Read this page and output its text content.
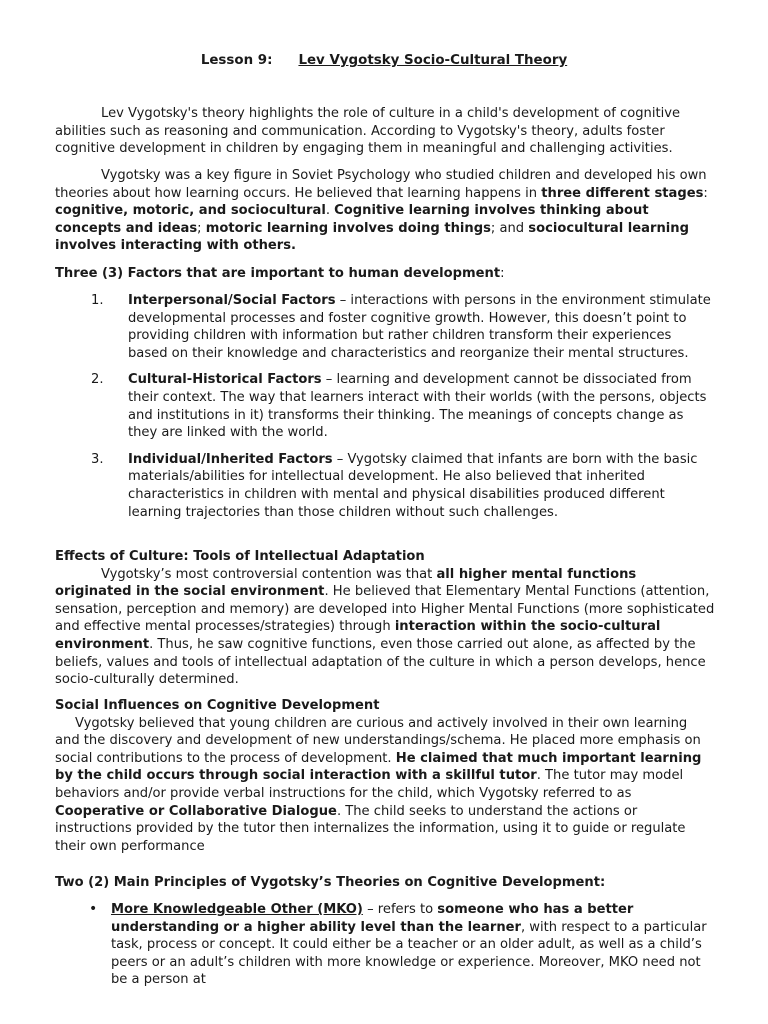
Lesson 9: Lev Vygotsky Socio-Cultural Theory

Lev Vygotsky's theory highlights the role of culture in a child's development of cognitive abilities such as reasoning and communication. According to Vygotsky's theory, adults foster cognitive development in children by engaging them in meaningful and challenging activities.

Vygotsky was a key figure in Soviet Psychology who studied children and developed his own theories about how learning occurs. He believed that learning happens in three different stages: cognitive, motoric, and sociocultural. Cognitive learning involves thinking about concepts and ideas; motoric learning involves doing things; and sociocultural learning involves interacting with others.

Three (3) Factors that are important to human development:

1. Interpersonal/Social Factors – interactions with persons in the environment stimulate developmental processes and foster cognitive growth. However, this doesn’t point to providing children with information but rather children transform their experiences based on their knowledge and characteristics and reorganize their mental structures.
2. Cultural-Historical Factors – learning and development cannot be dissociated from their context. The way that learners interact with their worlds (with the persons, objects and institutions in it) transforms their thinking. The meanings of concepts change as they are linked with the world.
3. Individual/Inherited Factors – Vygotsky claimed that infants are born with the basic materials/abilities for intellectual development. He also believed that inherited characteristics in children with mental and physical disabilities produced different learning trajectories than those children without such challenges.

Effects of Culture: Tools of Intellectual Adaptation

Vygotsky’s most controversial contention was that all higher mental functions originated in the social environment. He believed that Elementary Mental Functions (attention, sensation, perception and memory) are developed into Higher Mental Functions (more sophisticated and effective mental processes/strategies) through interaction within the socio-cultural environment. Thus, he saw cognitive functions, even those carried out alone, as affected by the beliefs, values and tools of intellectual adaptation of the culture in which a person develops, hence socio-culturally determined.

Social Influences on Cognitive Development

Vygotsky believed that young children are curious and actively involved in their own learning and the discovery and development of new understandings/schema. He placed more emphasis on social contributions to the process of development. He claimed that much important learning by the child occurs through social interaction with a skillful tutor. The tutor may model behaviors and/or provide verbal instructions for the child, which Vygotsky referred to as Cooperative or Collaborative Dialogue. The child seeks to understand the actions or instructions provided by the tutor then internalizes the information, using it to guide or regulate their own performance

Two (2) Main Principles of Vygotsky’s Theories on Cognitive Development:

• More Knowledgeable Other (MKO) – refers to someone who has a better understanding or a higher ability level than the learner, with respect to a particular task, process or concept. It could either be a teacher or an older adult, as well as a child’s peers or an adult’s children with more knowledge or experience. Moreover, MKO need not be a person at
